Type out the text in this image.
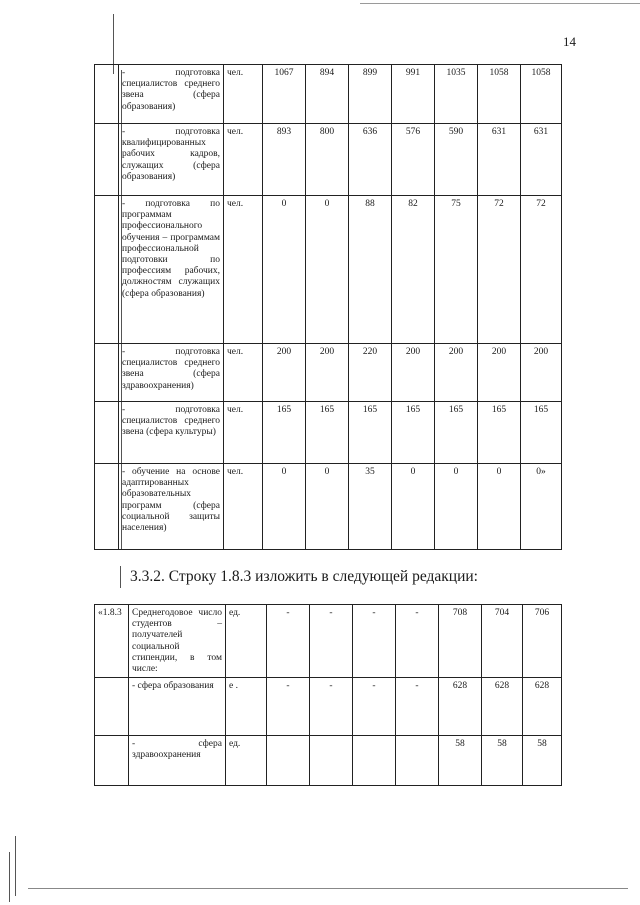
14
	- подготовка специалистов среднего звена (сфера образования)	чел.	1067	894	899	991	1035	1058	1058
	- подготовка квалифицированных рабочих кадров, служащих (сфера образования)	чел.	893	800	636	576	590	631	631
	- подготовка по программам профессионального обучения – программам профессиональной подготовки по профессиям рабочих, должностям служащих (сфера образования)	чел.	0	0	88	82	75	72	72
	- подготовка специалистов среднего звена (сфера здравоохранения)	чел.	200	200	220	200	200	200	200
	- подготовка специалистов среднего звена (сфера культуры)	чел.	165	165	165	165	165	165	165
	- обучение на основе адаптированных образовательных программ (сфера социальной защиты населения)	чел.	0	0	35	0	0	0	0»
3.3.2. Строку 1.8.3 изложить в следующей редакции:
«1.8.3	Среднегодовое число студентов – получателей социальной стипендии, в том числе:	ед.	-	-	-	-	708	704	706
	- сфера образования	е .	-	-	-	-	628	628	628
	- сфера здравоохранения	ед.					58	58	58
